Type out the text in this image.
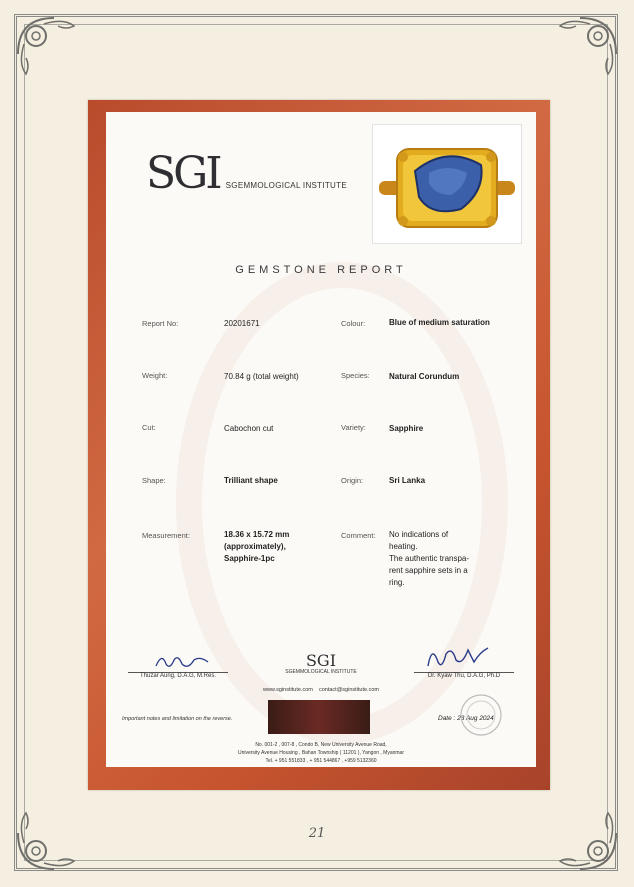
SGI SGEMMOLOGICAL INSTITUTE
GEMSTONE REPORT
Report No:	20201671	Colour:	Blue of medium saturation
Weight:	70.84 g (total weight)	Species: Natural Corundum
Cut:	Cabochon cut	Variety:	Sapphire
Shape:	Trilliant shape	Origin:	Sri Lanka
Measurement:	18.36 x 15.72 mm
(approximately),
Sapphire-1pc
Comment: No indications of
heating.
The authentic transpa-
rent sapphire sets in a
ring.
Thuzar Aung, D.A.G, M.Res.	Dr. Kyaw Thu, D.A.G, Ph.D
SGI
SGEMMOLOGICAL INSTITUTE
www.sginstitute.com contact@sginstitute.com
Important notes and limitation on the reverse.	Date : 23 Aug 2024
No. 001-2 , 007-8 , Condo B, New University Avenue Road,
University Avenue Housing , Bahan Township ( 11201 ), Yangon , Myanmar
Tel. + 951 551833 , + 951 544867 , +959 5132360
21
